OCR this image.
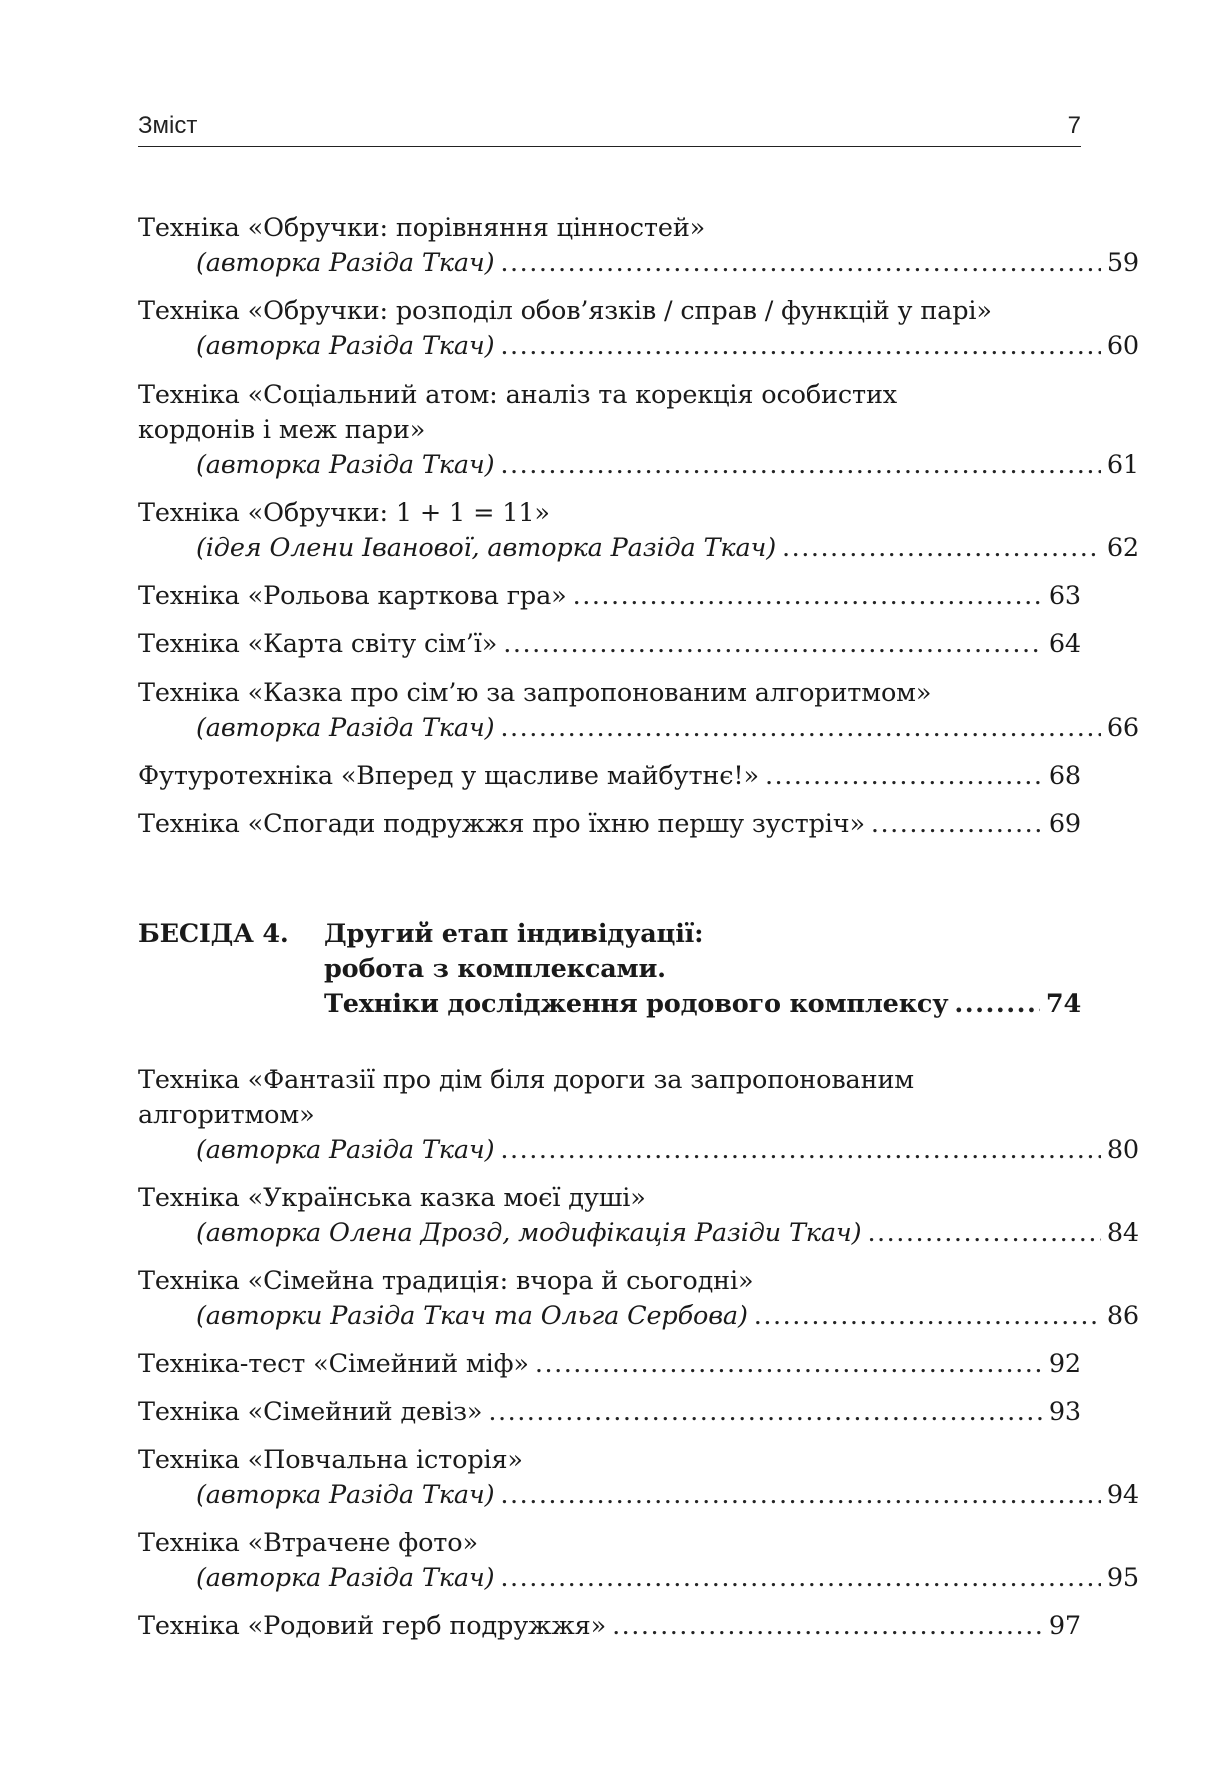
Зміст	7
Техніка «Обручки: порівняння цінностей»
(авторка Разіда Ткач) .....	59
Техніка «Обручки: розподіл обов’язків / справ / функцій у парі»
(авторка Разіда Ткач) .....	60
Техніка «Соціальний атом: аналіз та корекція особистих
кордонів і меж пари»
(авторка Разіда Ткач) .....	61
Техніка «Обручки: 1 + 1 = 11»
(ідея Олени Іванової, авторка Разіда Ткач) .....	62
Техніка «Рольова карткова гра» .....	63
Техніка «Карта світу сім’ї» .....	64
Техніка «Казка про сім’ю за запропонованим алгоритмом»
(авторка Разіда Ткач) .....	66
Футуротехніка «Вперед у щасливе майбутнє!» .....	68
Техніка «Спогади подружжя про їхню першу зустріч» .....	69
БЕСІДА 4. Другий етап індивідуації:
робота з комплексами.
Техніки дослідження родового комплексу .....	74
Техніка «Фантазії про дім біля дороги за запропонованим
алгоритмом»
(авторка Разіда Ткач) .....	80
Техніка «Українська казка моєї душі»
(авторка Олена Дрозд, модифікація Разіди Ткач) .....	84
Техніка «Сімейна традиція: вчора й сьогодні»
(авторки Разіда Ткач та Ольга Сербова) .....	86
Техніка-тест «Сімейний міф» .....	92
Техніка «Сімейний девіз» .....	93
Техніка «Повчальна історія»
(авторка Разіда Ткач) .....	94
Техніка «Втрачене фото»
(авторка Разіда Ткач) .....	95
Техніка «Родовий герб подружжя» .....	97
